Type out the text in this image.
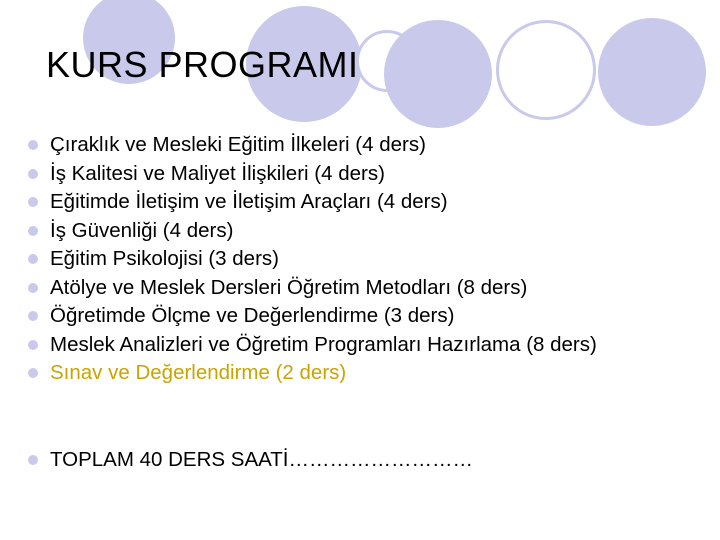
KURS PROGRAMI
Çıraklık ve Mesleki Eğitim İlkeleri (4 ders)
İş Kalitesi ve Maliyet İlişkileri (4 ders)
Eğitimde İletişim ve İletişim Araçları (4 ders)
İş Güvenliği (4 ders)
Eğitim Psikolojisi (3 ders)
Atölye ve Meslek Dersleri Öğretim Metodları (8 ders)
Öğretimde Ölçme ve Değerlendirme (3 ders)
Meslek Analizleri ve Öğretim Programları Hazırlama (8 ders)
Sınav ve Değerlendirme (2 ders)
TOPLAM 40 DERS SAATİ………………………
